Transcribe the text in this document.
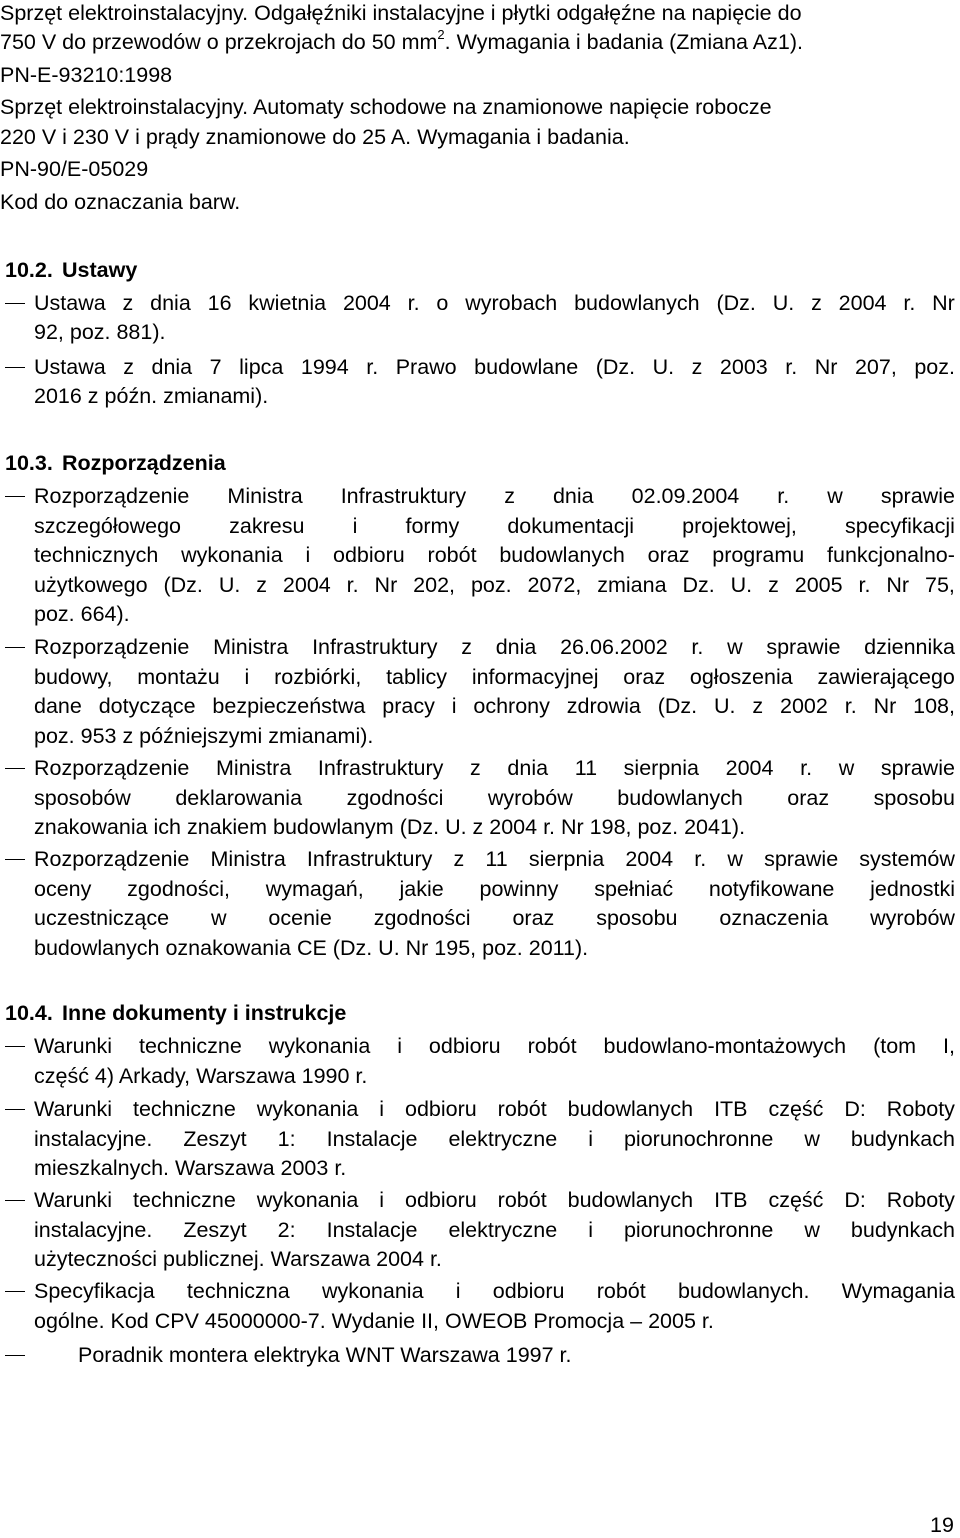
Sprzęt elektroinstalacyjny. Odgałęźniki instalacyjne i płytki odgałęźne na napięcie do
750 V do przewodów o przekrojach do 50 $mm^2$. Wymagania i badania (Zmiana Az1).
PN-E-93210:1998
Sprzęt elektroinstalacyjny. Automaty schodowe na znamionowe napięcie robocze
220 V i 230 V i prądy znamionowe do 25 A. Wymagania i badania.
PN-90/E-05029
Kod do oznaczania barw.
10.2. Ustawy
Ustawa z dnia 16 kwietnia 2004 r. o wyrobach budowlanych (Dz. U. z 2004 r. Nr
92, poz. 881).
Ustawa z dnia 7 lipca 1994 r. Prawo budowlane (Dz. U. z 2003 r. Nr 207, poz.
2016 z późn. zmianami).
10.3. Rozporządzenia
Rozporządzenie Ministra Infrastruktury z dnia 02.09.2004 r. w sprawie
szczegółowego zakresu i formy dokumentacji projektowej, specyfikacji
technicznych wykonania i odbioru robót budowlanych oraz programu funkcjonalno-
użytkowego (Dz. U. z 2004 r. Nr 202, poz. 2072, zmiana Dz. U. z 2005 r. Nr 75,
poz. 664).
Rozporządzenie Ministra Infrastruktury z dnia 26.06.2002 r. w sprawie dziennika
budowy, montażu i rozbiórki, tablicy informacyjnej oraz ogłoszenia zawierającego
dane dotyczące bezpieczeństwa pracy i ochrony zdrowia (Dz. U. z 2002 r. Nr 108,
poz. 953 z późniejszymi zmianami).
Rozporządzenie Ministra Infrastruktury z dnia 11 sierpnia 2004 r. w sprawie
sposobów deklarowania zgodności wyrobów budowlanych oraz sposobu
znakowania ich znakiem budowlanym (Dz. U. z 2004 r. Nr 198, poz. 2041).
Rozporządzenie Ministra Infrastruktury z 11 sierpnia 2004 r. w sprawie systemów
oceny zgodności, wymagań, jakie powinny spełniać notyfikowane jednostki
uczestniczące w ocenie zgodności oraz sposobu oznaczenia wyrobów
budowlanych oznakowania CE (Dz. U. Nr 195, poz. 2011).
10.4. Inne dokumenty i instrukcje
Warunki techniczne wykonania i odbioru robót budowlano-montażowych (tom I,
część 4) Arkady, Warszawa 1990 r.
Warunki techniczne wykonania i odbioru robót budowlanych ITB część D: Roboty
instalacyjne. Zeszyt 1: Instalacje elektryczne i piorunochronne w budynkach
mieszkalnych. Warszawa 2003 r.
Warunki techniczne wykonania i odbioru robót budowlanych ITB część D: Roboty
instalacyjne. Zeszyt 2: Instalacje elektryczne i piorunochronne w budynkach
użyteczności publicznej. Warszawa 2004 r.
Specyfikacja techniczna wykonania i odbioru robót budowlanych. Wymagania
ogólne. Kod CPV 45000000-7. Wydanie II, OWEOB Promocja – 2005 r.
Poradnik montera elektryka WNT Warszawa 1997 r.
19
